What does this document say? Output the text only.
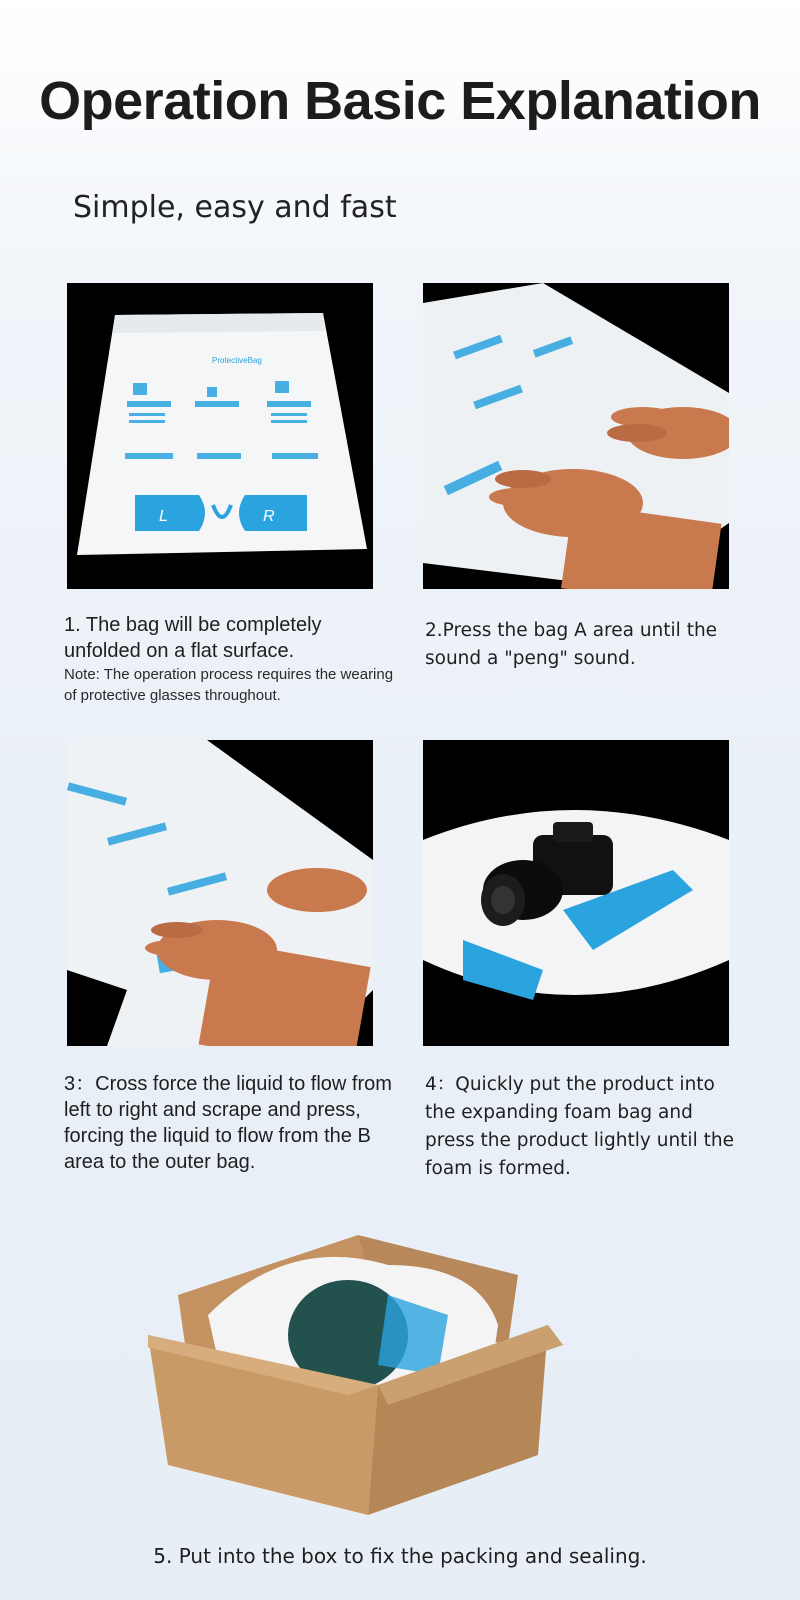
Operation Basic Explanation
Simple, easy and fast
ProtectiveBag
L	R
1. The bag will be completely unfolded on a flat surface.
Note: The operation process requires the wearing of protective glasses throughout.
2.Press the bag A area until the sound a "peng" sound.
3：Cross force the liquid to flow from left to right and scrape and press, forcing the liquid to flow from the B area to the outer bag.
4：Quickly put the product into the expanding foam bag and press the product lightly until the foam is formed.
5. Put into the box to fix the packing and sealing.
